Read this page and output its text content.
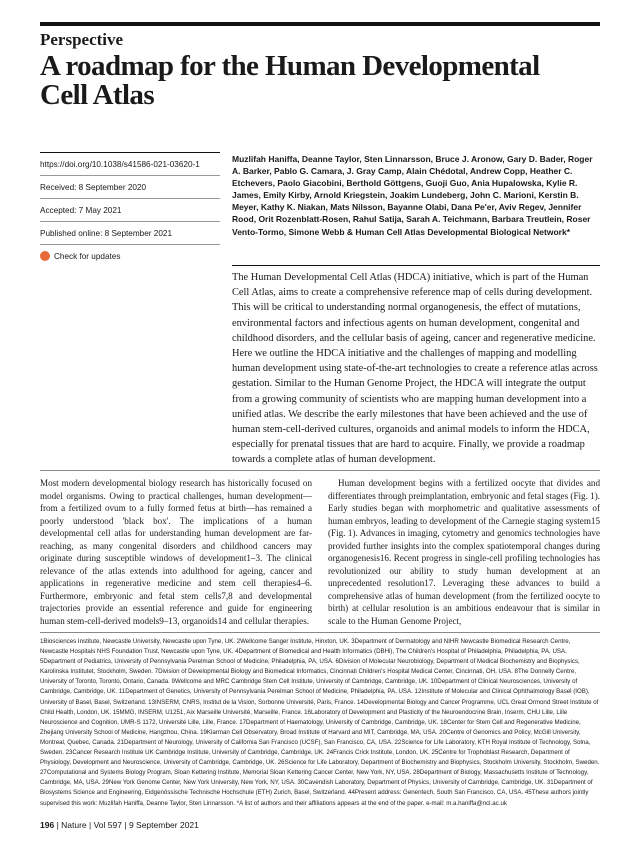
Perspective
A roadmap for the Human Developmental
Cell Atlas
https://doi.org/10.1038/s41586-021-03620-1
Received: 8 September 2020
Accepted: 7 May 2021
Published online: 8 September 2021
Check for updates
Muzlifah Haniffa, Deanne Taylor, Sten Linnarsson, Bruce J. Aronow, Gary D. Bader, Roger A. Barker, Pablo G. Camara, J. Gray Camp, Alain Chédotal, Andrew Copp, Heather C. Etchevers, Paolo Giacobini, Berthold Göttgens, Guoji Guo, Ania Hupalowska, Kylie R. James, Emily Kirby, Arnold Kriegstein, Joakim Lundeberg, John C. Marioni, Kerstin B. Meyer, Kathy K. Niakan, Mats Nilsson, Bayanne Olabi, Dana Pe'er, Aviv Regev, Jennifer Rood, Orit Rozenblatt-Rosen, Rahul Satija, Sarah A. Teichmann, Barbara Treutlein, Roser Vento-Tormo, Simone Webb & Human Cell Atlas Developmental Biological Network*

The Human Developmental Cell Atlas (HDCA) initiative, which is part of the Human Cell Atlas, aims to create a comprehensive reference map of cells during development. This will be critical to understanding normal organogenesis, the effect of mutations, environmental factors and infectious agents on human development, congenital and childhood disorders, and the cellular basis of ageing, cancer and regenerative medicine. Here we outline the HDCA initiative and the challenges of mapping and modelling human development using state-of-the-art technologies to create a reference atlas across gestation. Similar to the Human Genome Project, the HDCA will integrate the output from a growing community of scientists who are mapping human development into a unified atlas. We describe the early milestones that have been achieved and the use of human stem-cell-derived cultures, organoids and animal models to inform the HDCA, especially for prenatal tissues that are hard to acquire. Finally, we provide a roadmap towards a complete atlas of human development.

Most modern developmental biology research has historically focused on model organisms. Owing to practical challenges, human development—from a fertilized ovum to a fully formed fetus at birth—has remained a poorly understood 'black box'. The implications of a human developmental cell atlas for understanding human development are far-reaching, as many congenital disorders and childhood cancers may originate during susceptible windows of development1–3. The clinical relevance of the atlas extends into adulthood for ageing, cancer and applications in regenerative medicine and stem cell therapies4–6. Furthermore, embryonic and fetal stem cells7,8 and developmental trajectories provide an essential reference and guide for engineering human stem-cell-derived models9–13, organoids14 and cellular therapies.

Human development begins with a fertilized oocyte that divides and differentiates through preimplantation, embryonic and fetal stages (Fig. 1). Early studies began with morphometric and qualitative assessments of human embryos, leading to development of the Carnegie staging system15 (Fig. 1). Advances in imaging, cytometry and genomics technologies have provided further insights into the complex spatiotemporal changes during organogenesis16. Recent progress in single-cell profiling technologies has revolutionized our ability to study human development at an unprecedented resolution17. Leveraging these advances to build a comprehensive atlas of human development (from the fertilized oocyte to birth) at cellular resolution is an ambitious endeavour that is similar in scale to the Human Genome Project,

1Biosciences Institute, Newcastle University, Newcastle upon Tyne, UK. 2Wellcome Sanger Institute, Hinxton, UK. 3Department of Dermatology and NIHR Newcastle Biomedical Research Centre, Newcastle Hospitals NHS Foundation Trust, Newcastle upon Tyne, UK. 4Department of Biomedical and Health Informatics (DBHi), The Children's Hospital of Philadelphia, Philadelphia, PA, USA. 5Department of Pediatrics, University of Pennsylvania Perelman School of Medicine, Philadelphia, PA, USA. 6Division of Molecular Neurobiology, Department of Medical Biochemistry and Biophysics, Karolinska Institutet, Stockholm, Sweden. 7Division of Developmental Biology and Biomedical Informatics, Cincinnati Children's Hospital Medical Center, Cincinnati, OH, USA. 8The Donnelly Centre, University of Toronto, Toronto, Ontario, Canada. 9Wellcome and MRC Cambridge Stem Cell Institute, University of Cambridge, Cambridge, UK. 10Department of Clinical Neurosciences, University of Cambridge, Cambridge, UK. 11Department of Genetics, University of Pennsylvania Perelman School of Medicine, Philadelphia, PA, USA. 12Institute of Molecular and Clinical Ophthalmology Basel (IOB), University of Basel, Basel, Switzerland. 13INSERM, CNRS, Institut de la Vision, Sorbonne Université, Paris, France. 14Developmental Biology and Cancer Programme, UCL Great Ormond Street Institute of Child Health, London, UK. 15MMG, INSERM, U1251, Aix Marseille Université, Marseille, France. 16Laboratory of Development and Plasticity of the Neuroendocrine Brain, Inserm, CHU Lille, Lille Neuroscience and Cognition, UMR-S 1172, Université Lille, Lille, France. 17Department of Haematology, University of Cambridge, Cambridge, UK. 18Center for Stem Cell and Regenerative Medicine, Zhejiang University School of Medicine, Hangzhou, China. 19Klarman Cell Observatory, Broad Institute of Harvard and MIT, Cambridge, MA, USA. 20Centre of Genomics and Policy, McGill University, Montreal, Quebec, Canada. 21Department of Neurology, University of California San Francisco (UCSF), San Francisco, CA, USA. 22Science for Life Laboratory, KTH Royal Institute of Technology, Solna, Sweden. 23Cancer Research Institute UK Cambridge Institute, University of Cambridge, Cambridge, UK. 24Francis Crick Institute, London, UK. 25Centre for Trophoblast Research, Department of Physiology, Development and Neuroscience, University of Cambridge, Cambridge, UK. 26Science for Life Laboratory, Department of Biochemistry and Biophysics, Stockholm University, Stockholm, Sweden. 27Computational and Systems Biology Program, Sloan Kettering Institute, Memorial Sloan Kettering Cancer Center, New York, NY, USA. 28Department of Biology, Massachusetts Institute of Technology, Cambridge, MA, USA. 29New York Genome Center, New York University, New York, NY, USA. 30Cavendish Laboratory, Department of Physics, University of Cambridge, Cambridge, UK. 31Department of Biosystems Science and Engineering, Eidgenössische Technische Hochschule (ETH) Zurich, Basel, Switzerland. 44Present address: Genentech, South San Francisco, CA, USA. 45These authors jointly supervised this work: Muzlifah Haniffa, Deanne Taylor, Sten Linnarsson. *A list of authors and their affiliations appears at the end of the paper. e-mail: m.a.haniffa@ncl.ac.uk

196 | Nature | Vol 597 | 9 September 2021
